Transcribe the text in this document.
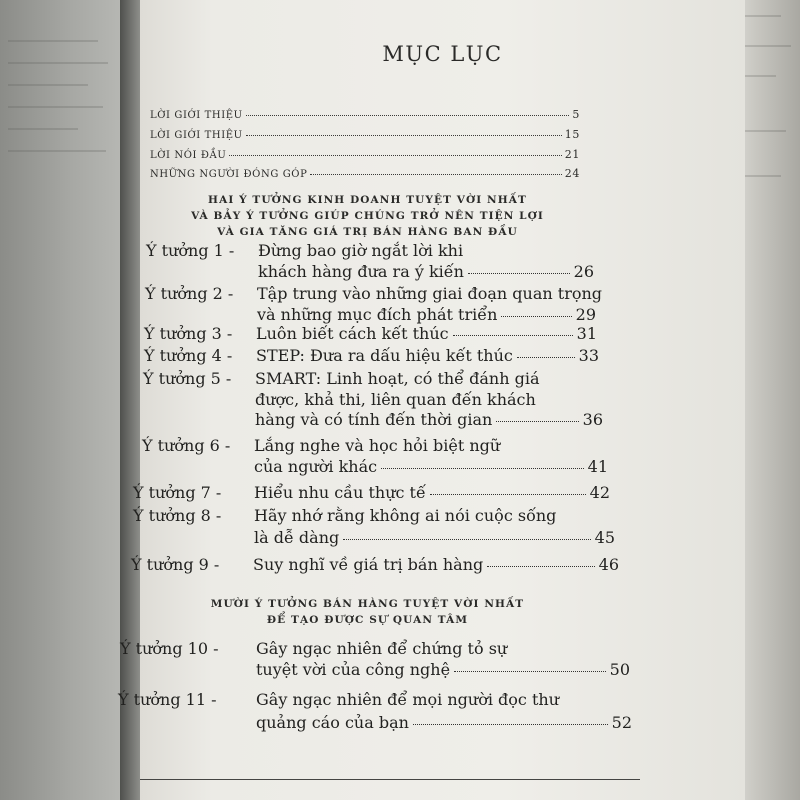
MỤC LỤC
LỜI GIỚI THIỆU	5
LỜI GIỚI THIỆU	15
LỜI NÓI ĐẦU	21
NHỮNG NGƯỜI ĐÓNG GÓP	24
HAI Ý TƯỞNG KINH DOANH TUYỆT VỜI NHẤT
VÀ BẢY Ý TƯỞNG GIÚP CHÚNG TRỞ NÊN TIỆN LỢI
VÀ GIA TĂNG GIÁ TRỊ BÁN HÀNG BAN ĐẦU
Ý tưởng 1 - Đừng bao giờ ngắt lời khi
khách hàng đưa ra ý kiến	26
Ý tưởng 2 - Tập trung vào những giai đoạn quan trọng
và những mục đích phát triển	29
Ý tưởng 3 - Luôn biết cách kết thúc	31
Ý tưởng 4 - STEP: Đưa ra dấu hiệu kết thúc	33
Ý tưởng 5 - SMART: Linh hoạt, có thể đánh giá
được, khả thi, liên quan đến khách
hàng và có tính đến thời gian	36
Ý tưởng 6 - Lắng nghe và học hỏi biệt ngữ
của người khác	41
Ý tưởng 7 - Hiểu nhu cầu thực tế	42
Ý tưởng 8 - Hãy nhớ rằng không ai nói cuộc sống
là dễ dàng	45
Ý tưởng 9 - Suy nghĩ về giá trị bán hàng	46
MƯỜI Ý TƯỞNG BÁN HÀNG TUYỆT VỜI NHẤT
ĐỂ TẠO ĐƯỢC SỰ QUAN TÂM
Ý tưởng 10 - Gây ngạc nhiên để chứng tỏ sự
tuyệt vời của công nghệ	50
Ý tưởng 11 - Gây ngạc nhiên để mọi người đọc thư
quảng cáo của bạn	52
